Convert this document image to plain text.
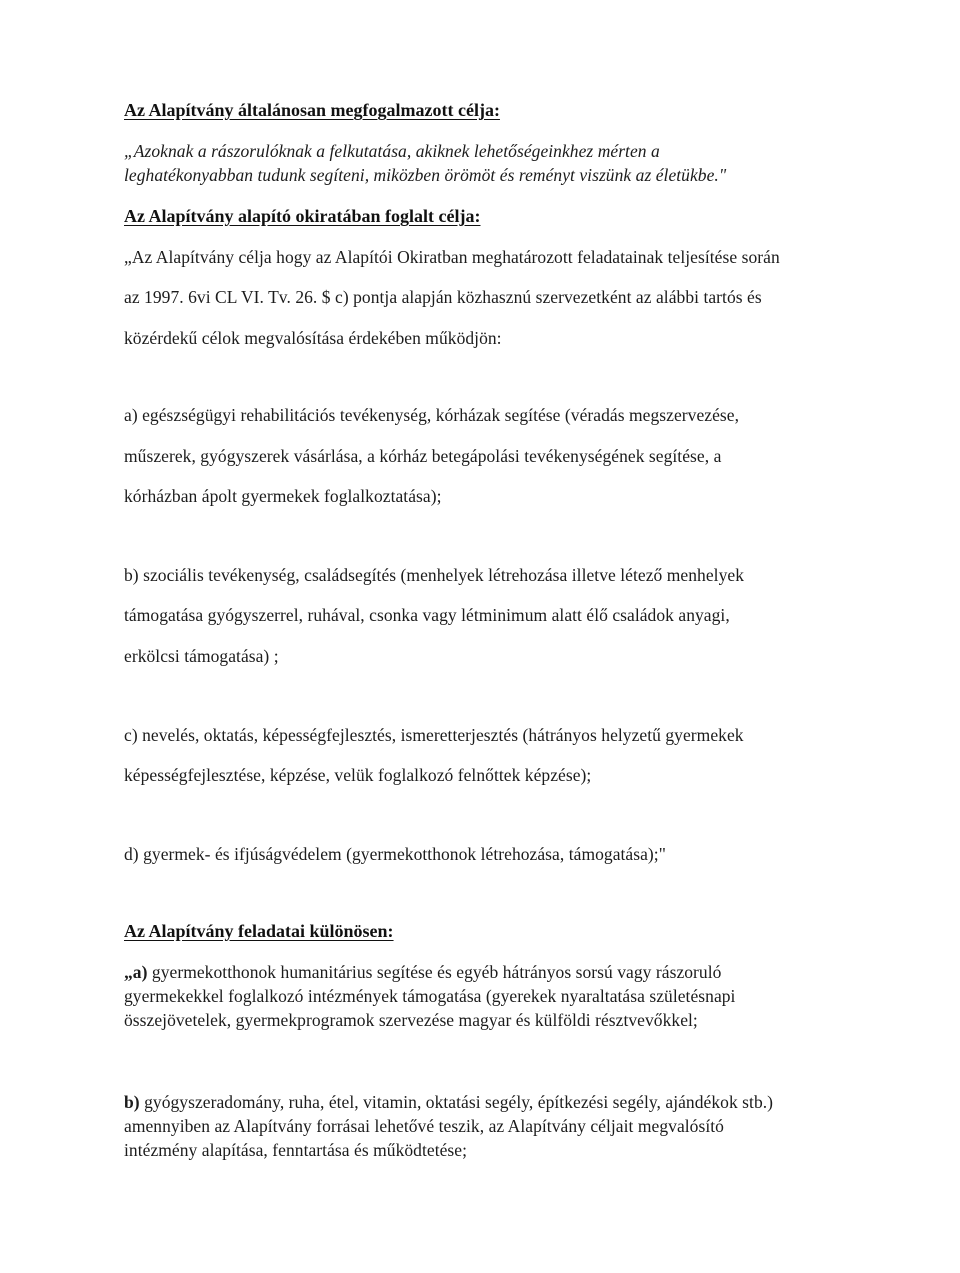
Az Alapítvány általánosan megfogalmazott célja:
„Azoknak a rászorulóknak a felkutatása, akiknek lehetőségeinkhez mérten a
leghatékonyabban tudunk segíteni, miközben örömöt és reményt viszünk az életükbe."
Az Alapítvány alapító okiratában foglalt célja:
„Az Alapítvány célja hogy az Alapítói Okiratban meghatározott feladatainak teljesítése során
az 1997. 6vi CL VI. Tv. 26. $ c) pontja alapján közhasznú szervezetként az alábbi tartós és
közérdekű célok megvalósítása érdekében működjön:
a) egészségügyi rehabilitációs tevékenység, kórházak segítése (véradás megszervezése,
műszerek, gyógyszerek vásárlása, a kórház betegápolási tevékenységének segítése, a
kórházban ápolt gyermekek foglalkoztatása);
b) szociális tevékenység, családsegítés (menhelyek létrehozása illetve létező menhelyek
támogatása gyógyszerrel, ruhával, csonka vagy létminimum alatt élő családok anyagi,
erkölcsi támogatása) ;
c) nevelés, oktatás, képességfejlesztés, ismeretterjesztés (hátrányos helyzetű gyermekek
képességfejlesztése, képzése, velük foglalkozó felnőttek képzése);
d) gyermek- és ifjúságvédelem (gyermekotthonok létrehozása, támogatása);"
Az Alapítvány feladatai különösen:
„a) gyermekotthonok humanitárius segítése és egyéb hátrányos sorsú vagy rászoruló
gyermekekkel foglalkozó intézmények támogatása (gyerekek nyaraltatása születésnapi
összejövetelek, gyermekprogramok szervezése magyar és külföldi résztvevőkkel;
b) gyógyszeradomány, ruha, étel, vitamin, oktatási segély, építkezési segély, ajándékok stb.)
amennyiben az Alapítvány forrásai lehetővé teszik, az Alapítvány céljait megvalósító
intézmény alapítása, fenntartása és működtetése;
